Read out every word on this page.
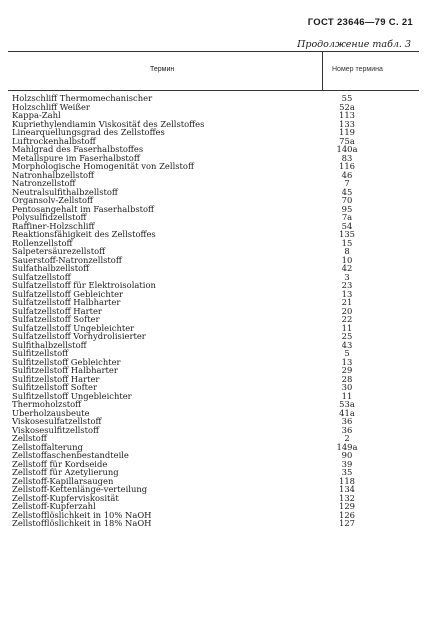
ГОСТ 23646—79 С. 21
Продолжение табл. 3
Термин	Номер термина
Holzschliff Thermomechanischer	55
Holzschliff Weißer	52a
Kappa-Zahl	113
Kupriethylendiamin Viskositäť des Zellstoffes	133
Linearquellungsgrad des Zellstoffes	119
Luftrockenhalbstoff	75a
Mahlgrad des Faserhalbstoffes	140a
Metallspure im Faserhalbstoff	83
Morphologische Homogenität von Zellstoff	116
Natronhalbzellstoff	46
Natronzellstoff	7
Neutralsulfithalbzellstoff	45
Organsolv-Zellstoff	70
Pentosangehalt im Faserhalbstoff	95
Polysulfidzellstoff	7a
Raffiner-Holzschliff	54
Reaktionsfähigkeit des Zellstoffes	135
Rollenzellstoff	15
Salpetersäurezellstoff	8
Sauerstoff-Natronzellstoff	10
Sulfathalbzellstoff	42
Sulfatzellstoff	3
Sulfatzellstoff für Elektroisolation	23
Sulfatzellstoff Gebleichter	13
Sulfatzellstoff Halbharter	21
Sulfatzellstoff Harter	20
Sulfatzellstoff Softer	22
Sulfatzellstoff Ungebleichter	11
Sulfatzellstoff Vorhydrolisierter	25
Sulfithalbzellstoff	43
Sulfitzellstoff	5
Sulfitzellstoff Gebleichter	13
Sulfitzellstoff Halbharter	29
Sulfitzellstoff Harter	28
Sulfitzellstoff Softer	30
Sulfitzellstoff Ungebleichter	11
Thermoholzstoff	53a
Uberholzausbeute	41a
Viskosesulfatzellstoff	36
Viskosesulfitzellstoff	36
Zellstoff	2
Zellstoffalterung	149a
Zellstoffaschenbestandteile	90
Zellstoff für Kordseide	39
Zellstoff für Azetylierung	35
Zellstoff-Kapillarsaugen	118
Zellstoff-Kettenlänge-verteilung	134
Zellstoff-Kupferviskosität	132
Zellstoff-Kupferzahl	129
Zellstofflöslichkeit in 10% NaOH	126
Zellstofflöslichkeit in 18% NaOH	127
